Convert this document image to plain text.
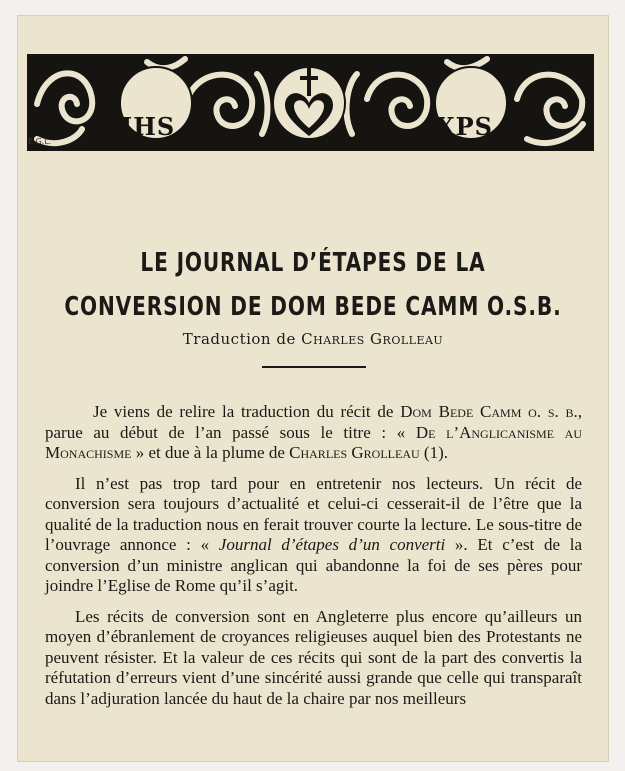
IHS	XPS
E.G.L.
LE JOURNAL D’ÉTAPES DE LA
CONVERSION DE DOM BEDE CAMM O.S.B.
Traduction de Charles Grolleau

Je viens de relire la traduction du récit de Dom Bede Camm o. s. b., parue au début de l’an passé sous le titre : « De l’Anglicanisme au Monachisme » et due à la plume de Charles Grolleau (1).

Il n’est pas trop tard pour en entretenir nos lecteurs. Un récit de conversion sera toujours d’actualité et celui-ci cesserait-il de l’être que la qualité de la traduction nous en ferait trouver courte la lecture. Le sous-titre de l’ouvrage annonce : « Journal d’étapes d’un converti ». Et c’est de la conversion d’un ministre anglican qui abandonne la foi de ses pères pour joindre l’Eglise de Rome qu’il s’agit.

Les récits de conversion sont en Angleterre plus encore qu’ailleurs un moyen d’ébranlement de croyances religieuses auquel bien des Protestants ne peuvent résister. Et la valeur de ces récits qui sont de la part des convertis la réfutation d’erreurs vient d’une sincérité aussi grande que celle qui transparaît dans l’adjuration lancée du haut de la chaire par nos meilleurs
